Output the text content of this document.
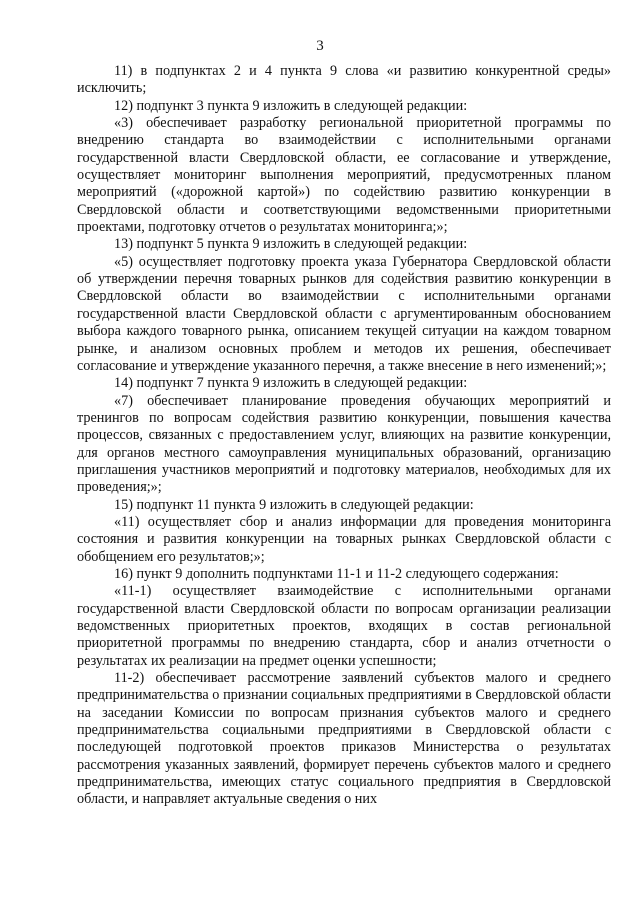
3

11) в подпунктах 2 и 4 пункта 9 слова «и развитию конкурентной среды» исключить;

12) подпункт 3 пункта 9 изложить в следующей редакции:

«3) обеспечивает разработку региональной приоритетной программы по внедрению стандарта во взаимодействии с исполнительными органами государственной власти Свердловской области, ее согласование и утверждение, осуществляет мониторинг выполнения мероприятий, предусмотренных планом мероприятий («дорожной картой») по содействию развитию конкуренции в Свердловской области и соответствующими ведомственными приоритетными проектами, подготовку отчетов о результатах мониторинга;»;

13) подпункт 5 пункта 9 изложить в следующей редакции:

«5) осуществляет подготовку проекта указа Губернатора Свердловской области об утверждении перечня товарных рынков для содействия развитию конкуренции в Свердловской области во взаимодействии с исполнительными органами государственной власти Свердловской области с аргументированным обоснованием выбора каждого товарного рынка, описанием текущей ситуации на каждом товарном рынке, и анализом основных проблем и методов их решения, обеспечивает согласование и утверждение указанного перечня, а также внесение в него изменений;»;

14) подпункт 7 пункта 9 изложить в следующей редакции:

«7) обеспечивает планирование проведения обучающих мероприятий и тренингов по вопросам содействия развитию конкуренции, повышения качества процессов, связанных с предоставлением услуг, влияющих на развитие конкуренции, для органов местного самоуправления муниципальных образований, организацию приглашения участников мероприятий и подготовку материалов, необходимых для их проведения;»;

15) подпункт 11 пункта 9 изложить в следующей редакции:

«11) осуществляет сбор и анализ информации для проведения мониторинга состояния и развития конкуренции на товарных рынках Свердловской области с обобщением его результатов;»;

16) пункт 9 дополнить подпунктами 11-1 и 11-2 следующего содержания:

«11-1) осуществляет взаимодействие с исполнительными органами государственной власти Свердловской области по вопросам организации реализации ведомственных приоритетных проектов, входящих в состав региональной приоритетной программы по внедрению стандарта, сбор и анализ отчетности о результатах их реализации на предмет оценки успешности;

11-2) обеспечивает рассмотрение заявлений субъектов малого и среднего предпринимательства о признании социальных предприятиями в Свердловской области на заседании Комиссии по вопросам признания субъектов малого и среднего предпринимательства социальными предприятиями в Свердловской области с последующей подготовкой проектов приказов Министерства о результатах рассмотрения указанных заявлений, формирует перечень субъектов малого и среднего предпринимательства, имеющих статус социального предприятия в Свердловской области, и направляет актуальные сведения о них
